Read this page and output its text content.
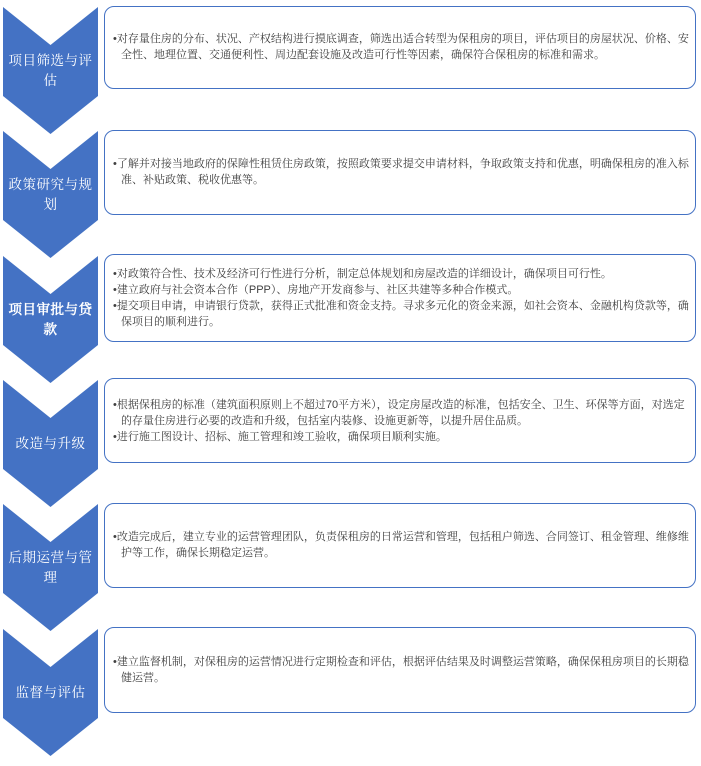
项目筛选与评估

•对存量住房的分布、状况、产权结构进行摸底调查，筛选出适合转型为保租房的项目，评估项目的房屋状况、价格、安全性、地理位置、交通便利性、周边配套设施及改造可行性等因素，确保符合保租房的标准和需求。

政策研究与规划

•了解并对接当地政府的保障性租赁住房政策，按照政策要求提交申请材料，争取政策支持和优惠，明确保租房的准入标准、补贴政策、税收优惠等。

项目审批与贷款

•对政策符合性、技术及经济可行性进行分析，制定总体规划和房屋改造的详细设计，确保项目可行性。

•建立政府与社会资本合作（PPP）、房地产开发商参与、社区共建等多种合作模式。

•提交项目申请，申请银行贷款，获得正式批准和资金支持。寻求多元化的资金来源，如社会资本、金融机构贷款等，确保项目的顺利进行。

改造与升级

•根据保租房的标准（建筑面积原则上不超过70平方米），设定房屋改造的标准，包括安全、卫生、环保等方面，对选定的存量住房进行必要的改造和升级，包括室内装修、设施更新等，以提升居住品质。

•进行施工图设计、招标、施工管理和竣工验收，确保项目顺利实施。

后期运营与管理

•改造完成后，建立专业的运营管理团队，负责保租房的日常运营和管理，包括租户筛选、合同签订、租金管理、维修维护等工作，确保长期稳定运营。

监督与评估

•建立监督机制，对保租房的运营情况进行定期检查和评估，根据评估结果及时调整运营策略，确保保租房项目的长期稳健运营。
